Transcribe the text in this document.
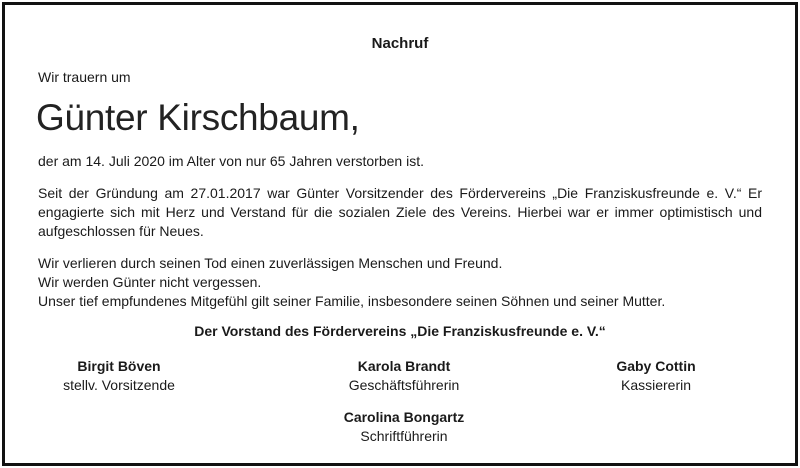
Nachruf
Wir trauern um
Günter Kirschbaum,
der am 14. Juli 2020 im Alter von nur 65 Jahren verstorben ist.
Seit der Gründung am 27.01.2017 war Günter Vorsitzender des Fördervereins „Die Franziskusfreunde e. V.“ Er
engagierte sich mit Herz und Verstand für die sozialen Ziele des Vereins. Hierbei war er immer optimistisch und
aufgeschlossen für Neues.
Wir verlieren durch seinen Tod einen zuverlässigen Menschen und Freund.
Wir werden Günter nicht vergessen.
Unser tief empfundenes Mitgefühl gilt seiner Familie, insbesondere seinen Söhnen und seiner Mutter.
Der Vorstand des Fördervereins „Die Franziskusfreunde e. V.“
Birgit Böven
stellv. Vorsitzende
Karola Brandt
Geschäftsführerin
Gaby Cottin
Kassiererin
Carolina Bongartz
Schriftführerin
